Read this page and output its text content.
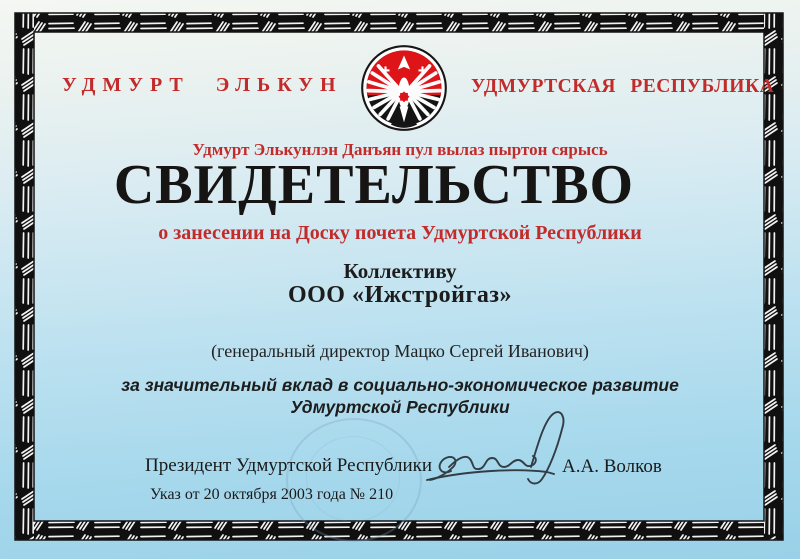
УДМУРТ ЭЛЬКУН	УДМУРТСКАЯ РЕСПУБЛИКА
Удмурт Элькунлэн Данъян пул вылаз пыртон сярысь
СВИДЕТЕЛЬСТВО
о занесении на Доску почета Удмуртской Республики
Коллективу
ООО «Ижстройгаз»
(генеральный директор Мацко Сергей Иванович)
за значительный вклад в социально-экономическое развитие
Удмуртской Республики
Президент Удмуртской Республики	А.А. Волков
Указ от 20 октября 2003 года № 210
